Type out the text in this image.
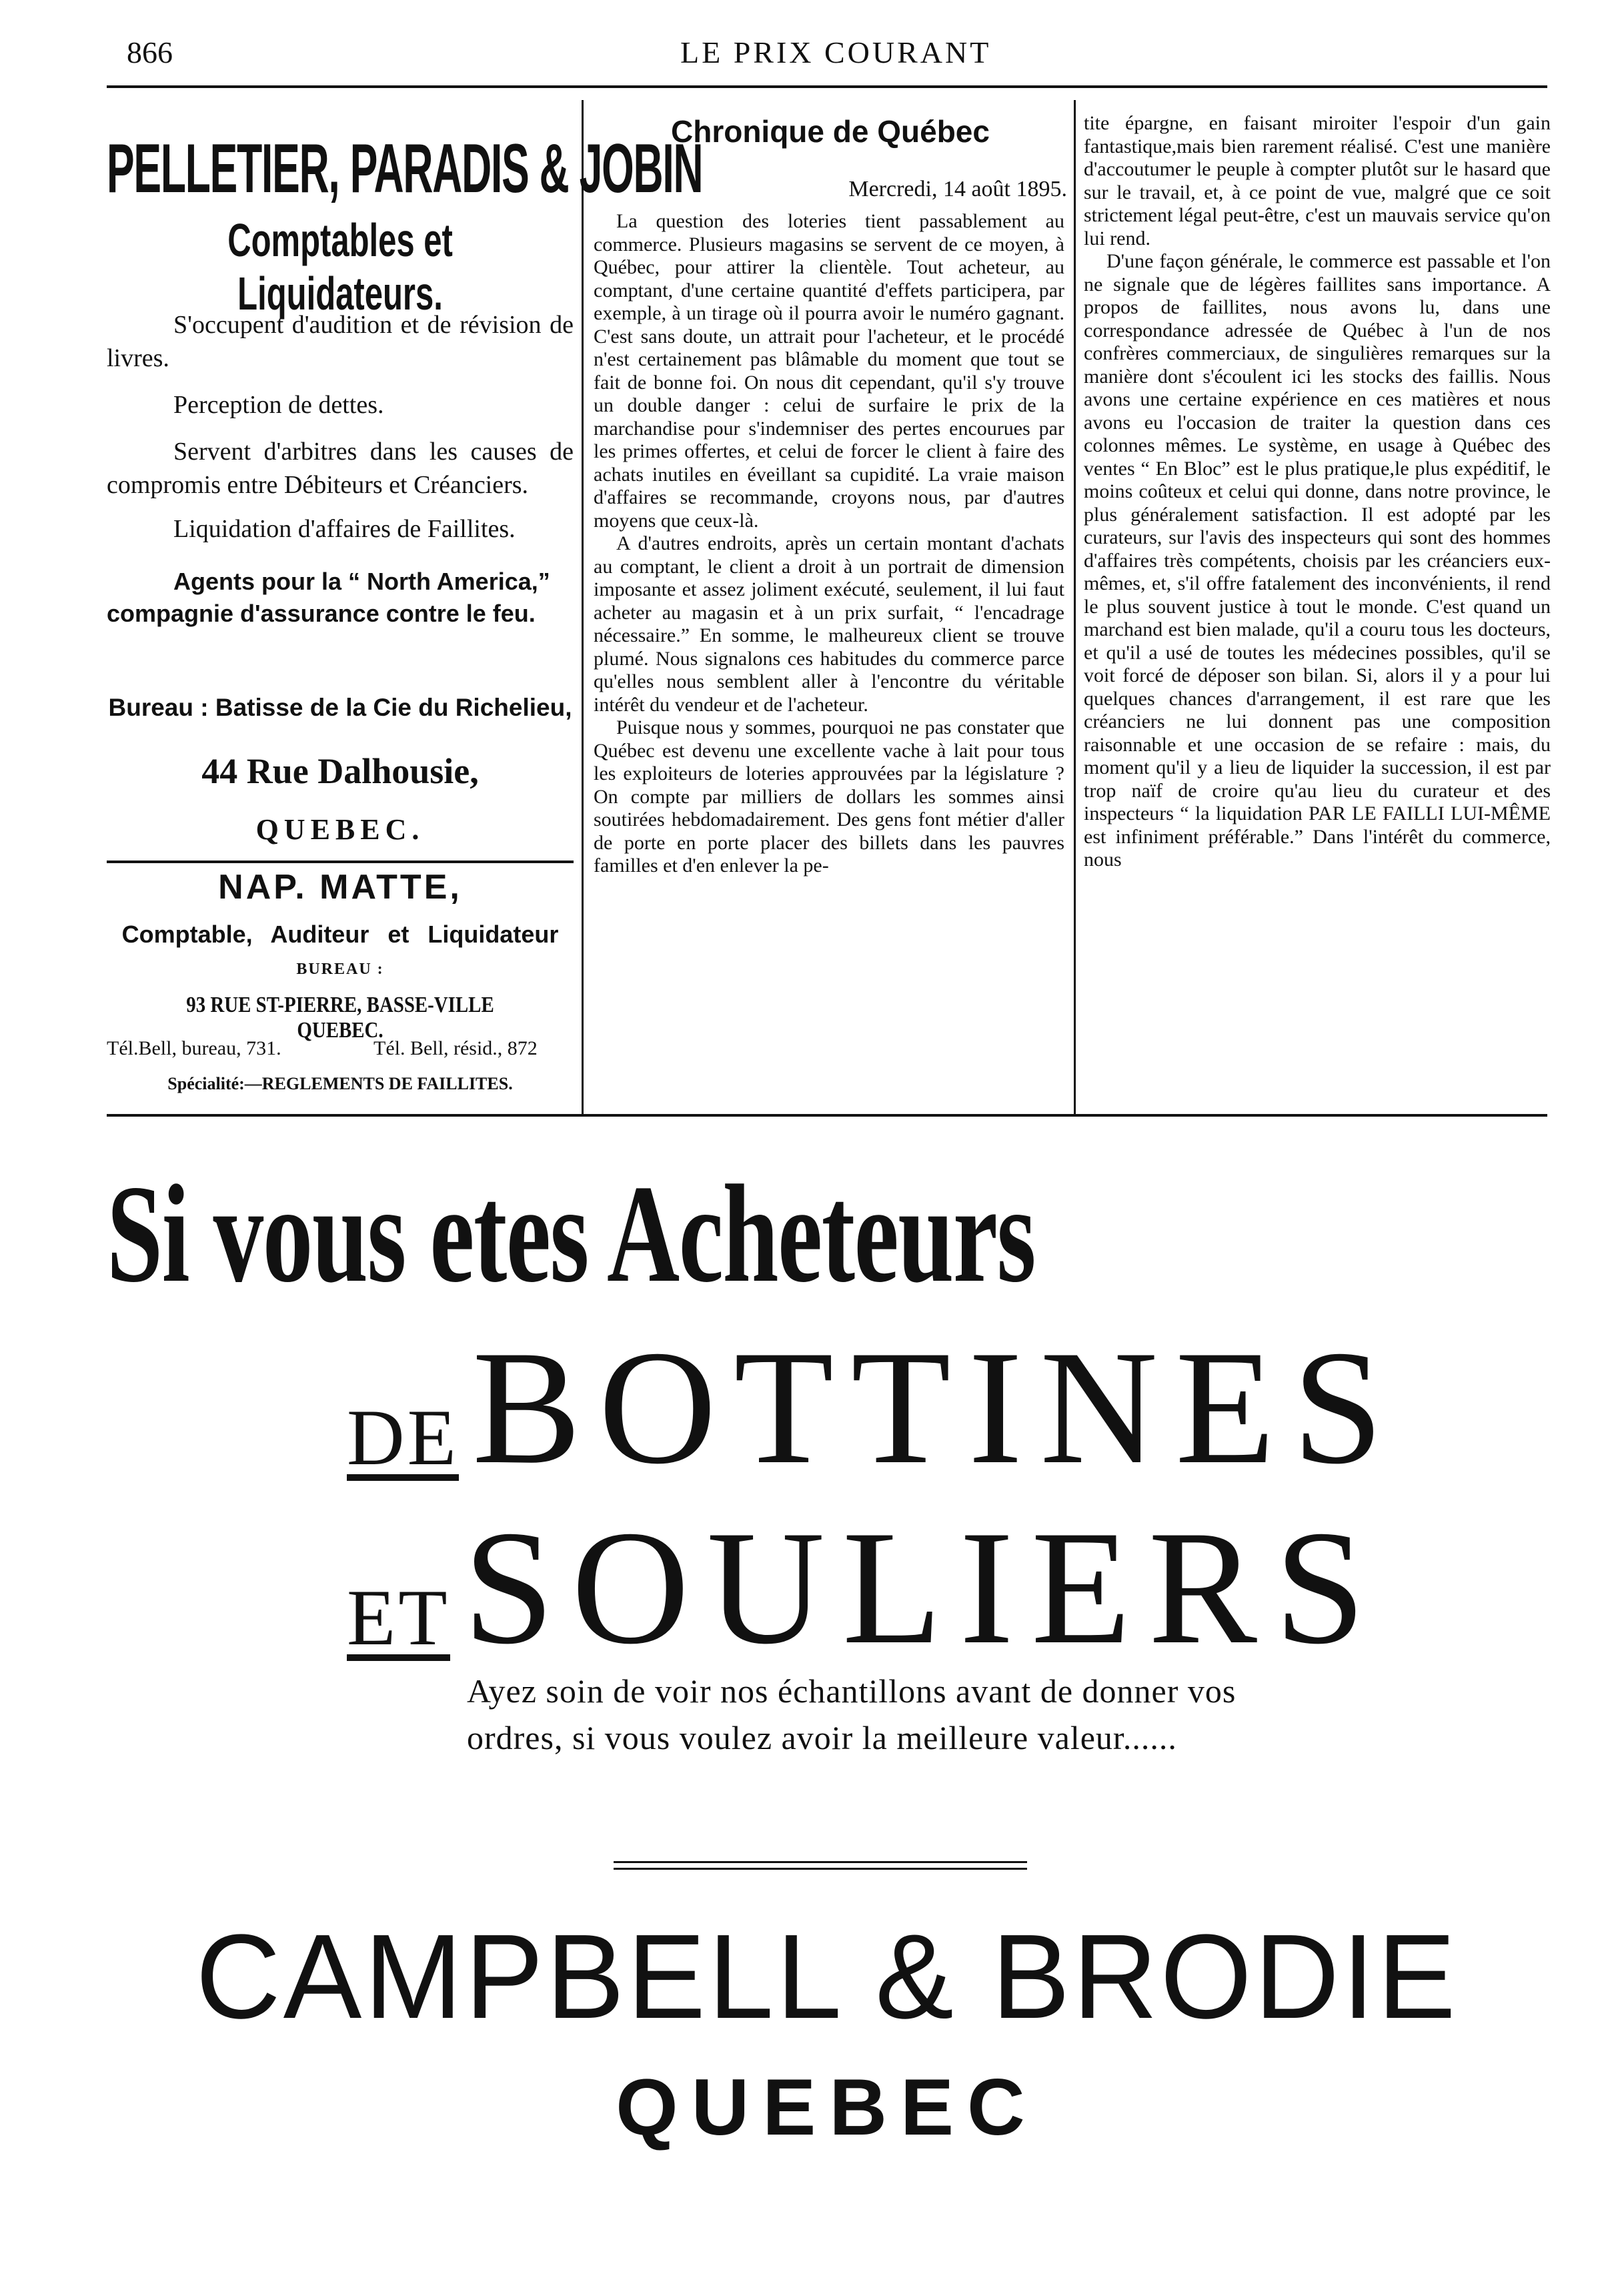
866	LE PRIX COURANT
PELLETIER, PARADIS & JOBIN
Comptables et Liquidateurs.
S'occupent d'audition et de révision de livres.
Perception de dettes.
Servent d'arbitres dans les causes de compromis entre Débiteurs et Créanciers.
Liquidation d'affaires de Faillites.
Agents pour la “ North America,” compagnie d'assurance contre le feu.
Bureau : Batisse de la Cie du Richelieu,
44 Rue Dalhousie,
QUEBEC.
NAP. MATTE,
Comptable, Auditeur et Liquidateur
BUREAU :
93 RUE ST-PIERRE, BASSE-VILLE QUEBEC.
Tél.Bell, bureau, 731.	Tél. Bell, résid., 872
Spécialité:—REGLEMENTS DE FAILLITES.
Chronique de Québec
Mercredi, 14 août 1895.

La question des loteries tient passablement au commerce. Plusieurs magasins se servent de ce moyen, à Québec, pour attirer la clientèle. Tout acheteur, au comptant, d'une certaine quantité d'effets participera, par exemple, à un tirage où il pourra avoir le numéro gagnant. C'est sans doute, un attrait pour l'acheteur, et le procédé n'est certainement pas blâmable du moment que tout se fait de bonne foi. On nous dit cependant, qu'il s'y trouve un double danger : celui de surfaire le prix de la marchandise pour s'indemniser des pertes encourues par les primes offertes, et celui de forcer le client à faire des achats inutiles en éveillant sa cupidité. La vraie maison d'affaires se recommande, croyons nous, par d'autres moyens que ceux-là.

A d'autres endroits, après un certain montant d'achats au comptant, le client a droit à un portrait de dimension imposante et assez joliment exécuté, seulement, il lui faut acheter au magasin et à un prix surfait, “ l'encadrage nécessaire.” En somme, le malheureux client se trouve plumé. Nous signalons ces habitudes du commerce parce qu'elles nous semblent aller à l'encontre du véritable intérêt du vendeur et de l'acheteur.

Puisque nous y sommes, pourquoi ne pas constater que Québec est devenu une excellente vache à lait pour tous les exploiteurs de loteries approuvées par la législature ? On compte par milliers de dollars les sommes ainsi soutirées hebdomadairement. Des gens font métier d'aller de porte en porte placer des billets dans les pauvres familles et d'en enlever la pe-

tite épargne, en faisant miroiter l'espoir d'un gain fantastique,mais bien rarement réalisé. C'est une manière d'accoutumer le peuple à compter plutôt sur le hasard que sur le travail, et, à ce point de vue, malgré que ce soit strictement légal peut-être, c'est un mauvais service qu'on lui rend.

D'une façon générale, le commerce est passable et l'on ne signale que de légères faillites sans importance. A propos de faillites, nous avons lu, dans une correspondance adressée de Québec à l'un de nos confrères commerciaux, de singulières remarques sur la manière dont s'écoulent ici les stocks des faillis. Nous avons une certaine expérience en ces matières et nous avons eu l'occasion de traiter la question dans ces colonnes mêmes. Le système, en usage à Québec des ventes “ En Bloc” est le plus pratique,le plus expéditif, le moins coûteux et celui qui donne, dans notre province, le plus généralement satisfaction. Il est adopté par les curateurs, sur l'avis des inspecteurs qui sont des hommes d'affaires très compétents, choisis par les créanciers eux-mêmes, et, s'il offre fatalement des inconvénients, il rend le plus souvent justice à tout le monde. C'est quand un marchand est bien malade, qu'il a couru tous les docteurs, et qu'il a usé de toutes les médecines possibles, qu'il se voit forcé de déposer son bilan. Si, alors il y a pour lui quelques chances d'arrangement, il est rare que les créanciers ne lui donnent pas une composition raisonnable et une occasion de se refaire : mais, du moment qu'il y a lieu de liquider la succession, il est par trop naïf de croire qu'au lieu du curateur et des inspecteurs “ la liquidation PAR LE FAILLI LUI-MÊME est infiniment préférable.” Dans l'intérêt du commerce, nous

Si vous etes Acheteurs
DEBOTTINES
ETSOULIERS
Ayez soin de voir nos échantillons avant de donner vos ordres, si vous voulez avoir la meilleure valeur......
CAMPBELL & BRODIE
QUEBEC
